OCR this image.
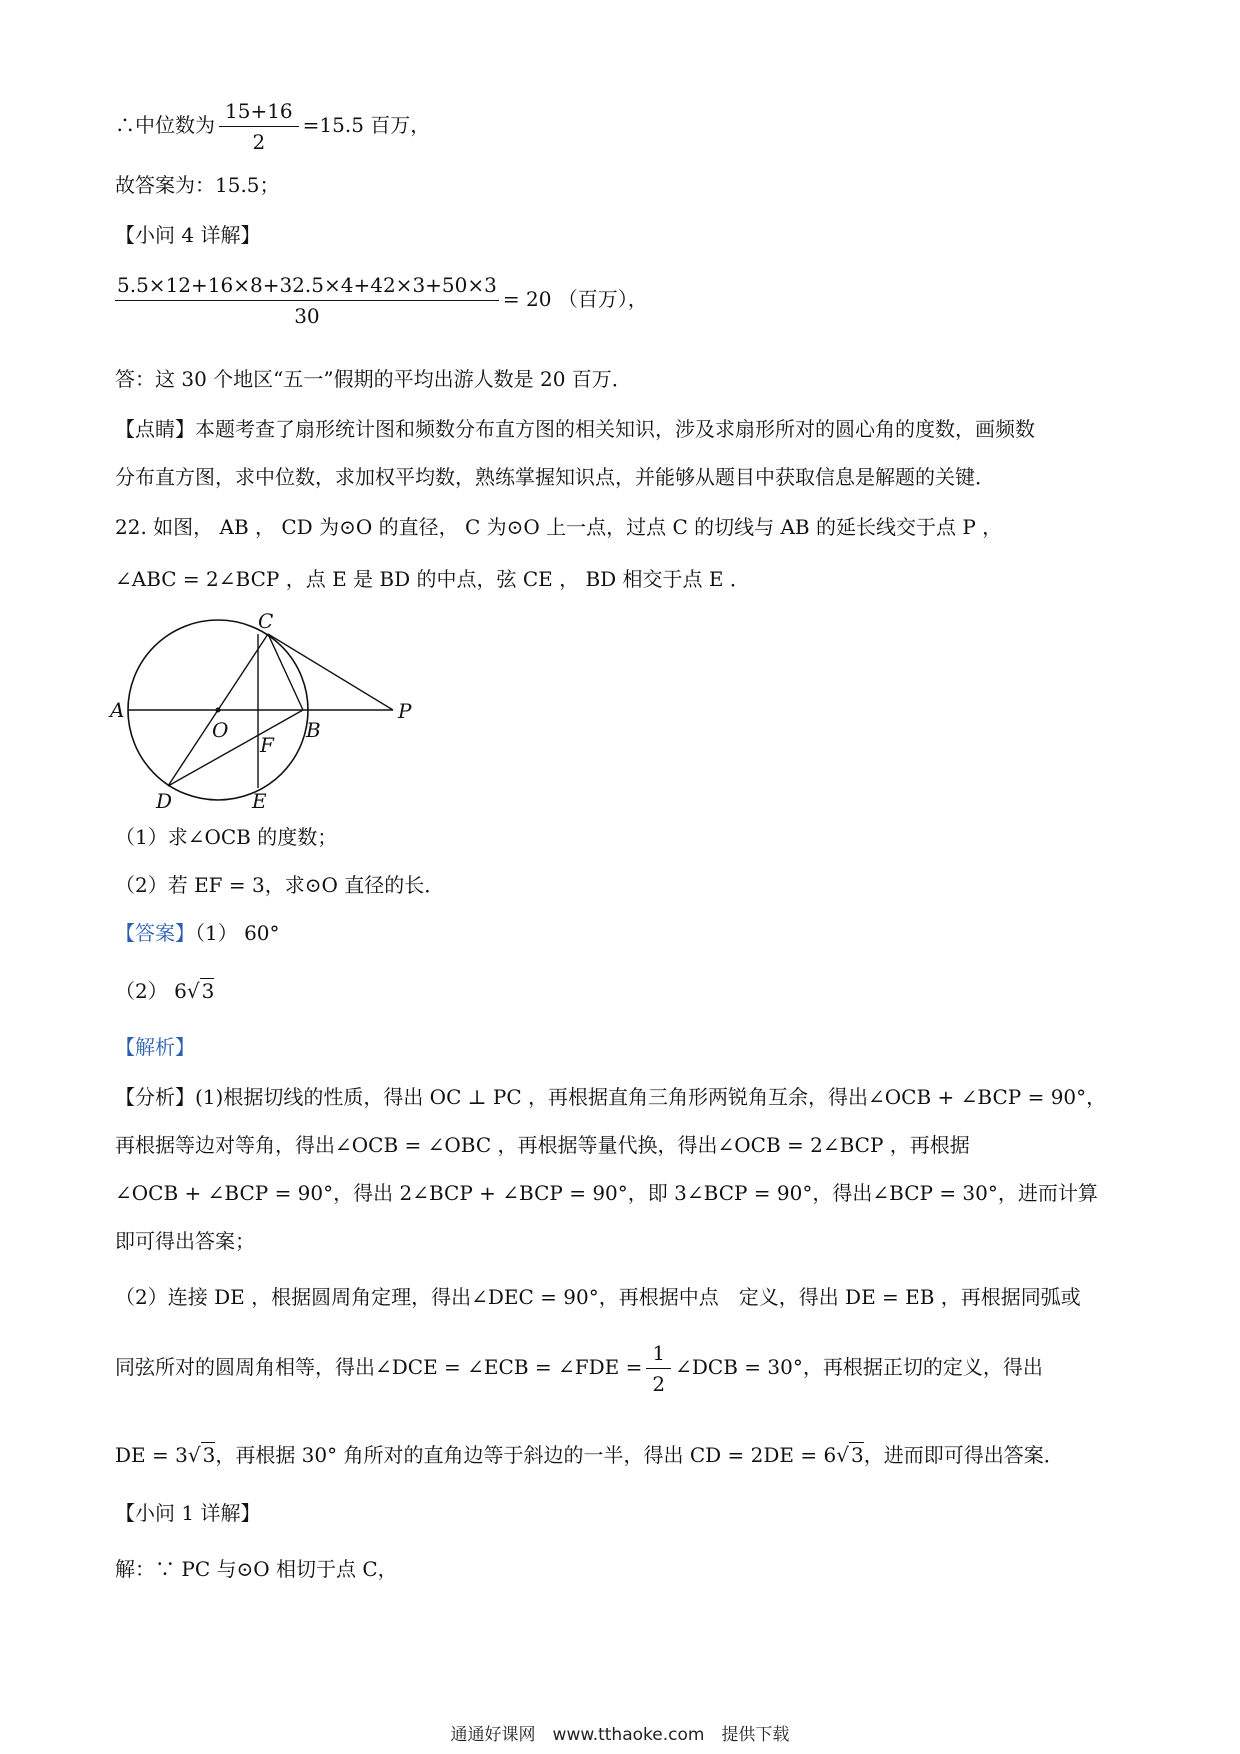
∴中位数为 $\frac{15+16}{2} =15.5$ 百万，
故答案为：15.5；
【小问 4 详解】
$\frac{5.5\times 12+16\times 8+32.5\times 4+42\times 3+50\times 3}{30} = 20$ （百万），
答：这 30 个地区“五一”假期的平均出游人数是 20 百万．
【点睛】本题考查了扇形统计图和频数分布直方图的相关知识，涉及求扇形所对的圆心角的度数，画频数
分布直方图，求中位数，求加权平均数，熟练掌握知识点，并能够从题目中获取信息是解题的关键．
22. 如图， AB ， CD 为⊙O 的直径， C 为⊙O 上一点，过点 C 的切线与 AB 的延长线交于点 P ，
∠ABC = 2∠BCP ，点 E 是 BD 的中点，弦 CE ， BD 相交于点 E ．
A
O	B
P
C
F
D	E
（1）求∠OCB 的度数；
（2）若 EF = 3，求⊙O 直径的长．
【答案】（1） 60°
（2） 6√ 3
【解析】
【分析】(1)根据切线的性质，得出 OC ⊥ PC ，再根据直角三角形两锐角互余，得出∠OCB + ∠BCP = 90°，
再根据等边对等角，得出∠OCB = ∠OBC ，再根据等量代换，得出∠OCB = 2∠BCP ，再根据
∠OCB + ∠BCP = 90°，得出 2∠BCP + ∠BCP = 90°，即 3∠BCP = 90°，得出∠BCP = 30°，进而计算
即可得出答案；
（2）连接 DE ，根据圆周角定理，得出∠DEC = 90°，再根据中点　定义，得出 DE = EB ，再根据同弧或
同弦所对的圆周角相等，得出∠DCE = ∠ECB = ∠FDE = $\frac{1}{2}$ ∠DCB = 30°，再根据正切的定义，得出
DE = 3√ 3，再根据 30° 角所对的直角边等于斜边的一半，得出 CD = 2DE = 6√ 3，进而即可得出答案．
【小问 1 详解】
解：∵ PC 与⊙O 相切于点 C，
通通好课网　www.tthaoke.com　提供下载
